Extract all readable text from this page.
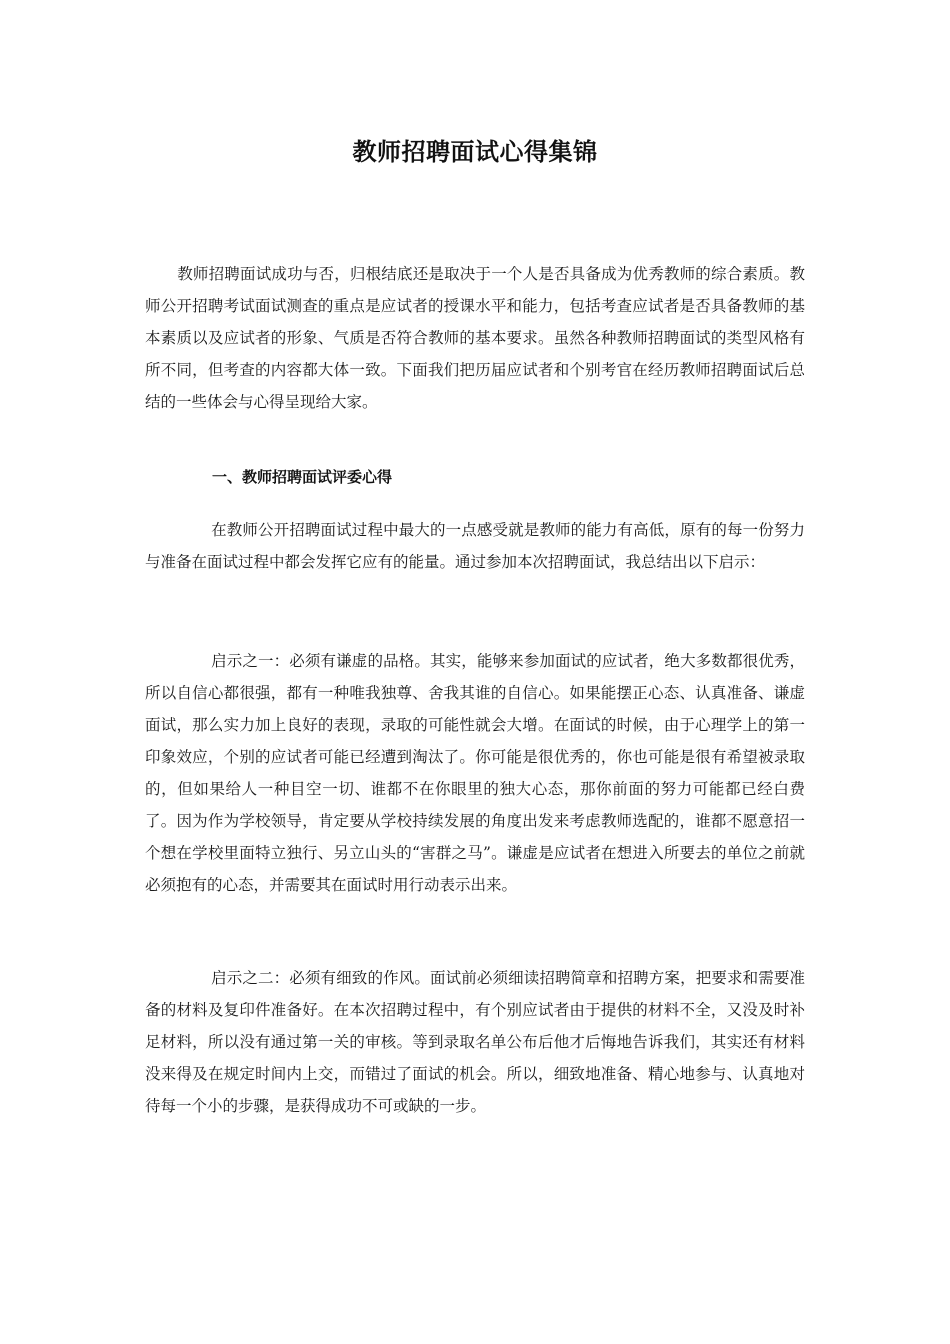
教师招聘面试心得集锦

教师招聘面试成功与否，归根结底还是取决于一个人是否具备成为优秀教师的综合素质。教师公开招聘考试面试测查的重点是应试者的授课水平和能力，包括考查应试者是否具备教师的基本素质以及应试者的形象、气质是否符合教师的基本要求。虽然各种教师招聘面试的类型风格有所不同，但考查的内容都大体一致。下面我们把历届应试者和个别考官在经历教师招聘面试后总结的一些体会与心得呈现给大家。

一、教师招聘面试评委心得

在教师公开招聘面试过程中最大的一点感受就是教师的能力有高低，原有的每一份努力与准备在面试过程中都会发挥它应有的能量。通过参加本次招聘面试，我总结出以下启示：

启示之一：必须有谦虚的品格。其实，能够来参加面试的应试者，绝大多数都很优秀，所以自信心都很强，都有一种唯我独尊、舍我其谁的自信心。如果能摆正心态、认真准备、谦虚面试，那么实力加上良好的表现，录取的可能性就会大增。在面试的时候，由于心理学上的第一印象效应，个别的应试者可能已经遭到淘汰了。你可能是很优秀的，你也可能是很有希望被录取的，但如果给人一种目空一切、谁都不在你眼里的独大心态，那你前面的努力可能都已经白费了。因为作为学校领导，肯定要从学校持续发展的角度出发来考虑教师选配的，谁都不愿意招一个想在学校里面特立独行、另立山头的“害群之马”。谦虚是应试者在想进入所要去的单位之前就必须抱有的心态，并需要其在面试时用行动表示出来。

启示之二：必须有细致的作风。面试前必须细读招聘简章和招聘方案，把要求和需要准备的材料及复印件准备好。在本次招聘过程中，有个别应试者由于提供的材料不全，又没及时补足材料，所以没有通过第一关的审核。等到录取名单公布后他才后悔地告诉我们，其实还有材料没来得及在规定时间内上交，而错过了面试的机会。所以，细致地准备、精心地参与、认真地对待每一个小的步骤，是获得成功不可或缺的一步。
